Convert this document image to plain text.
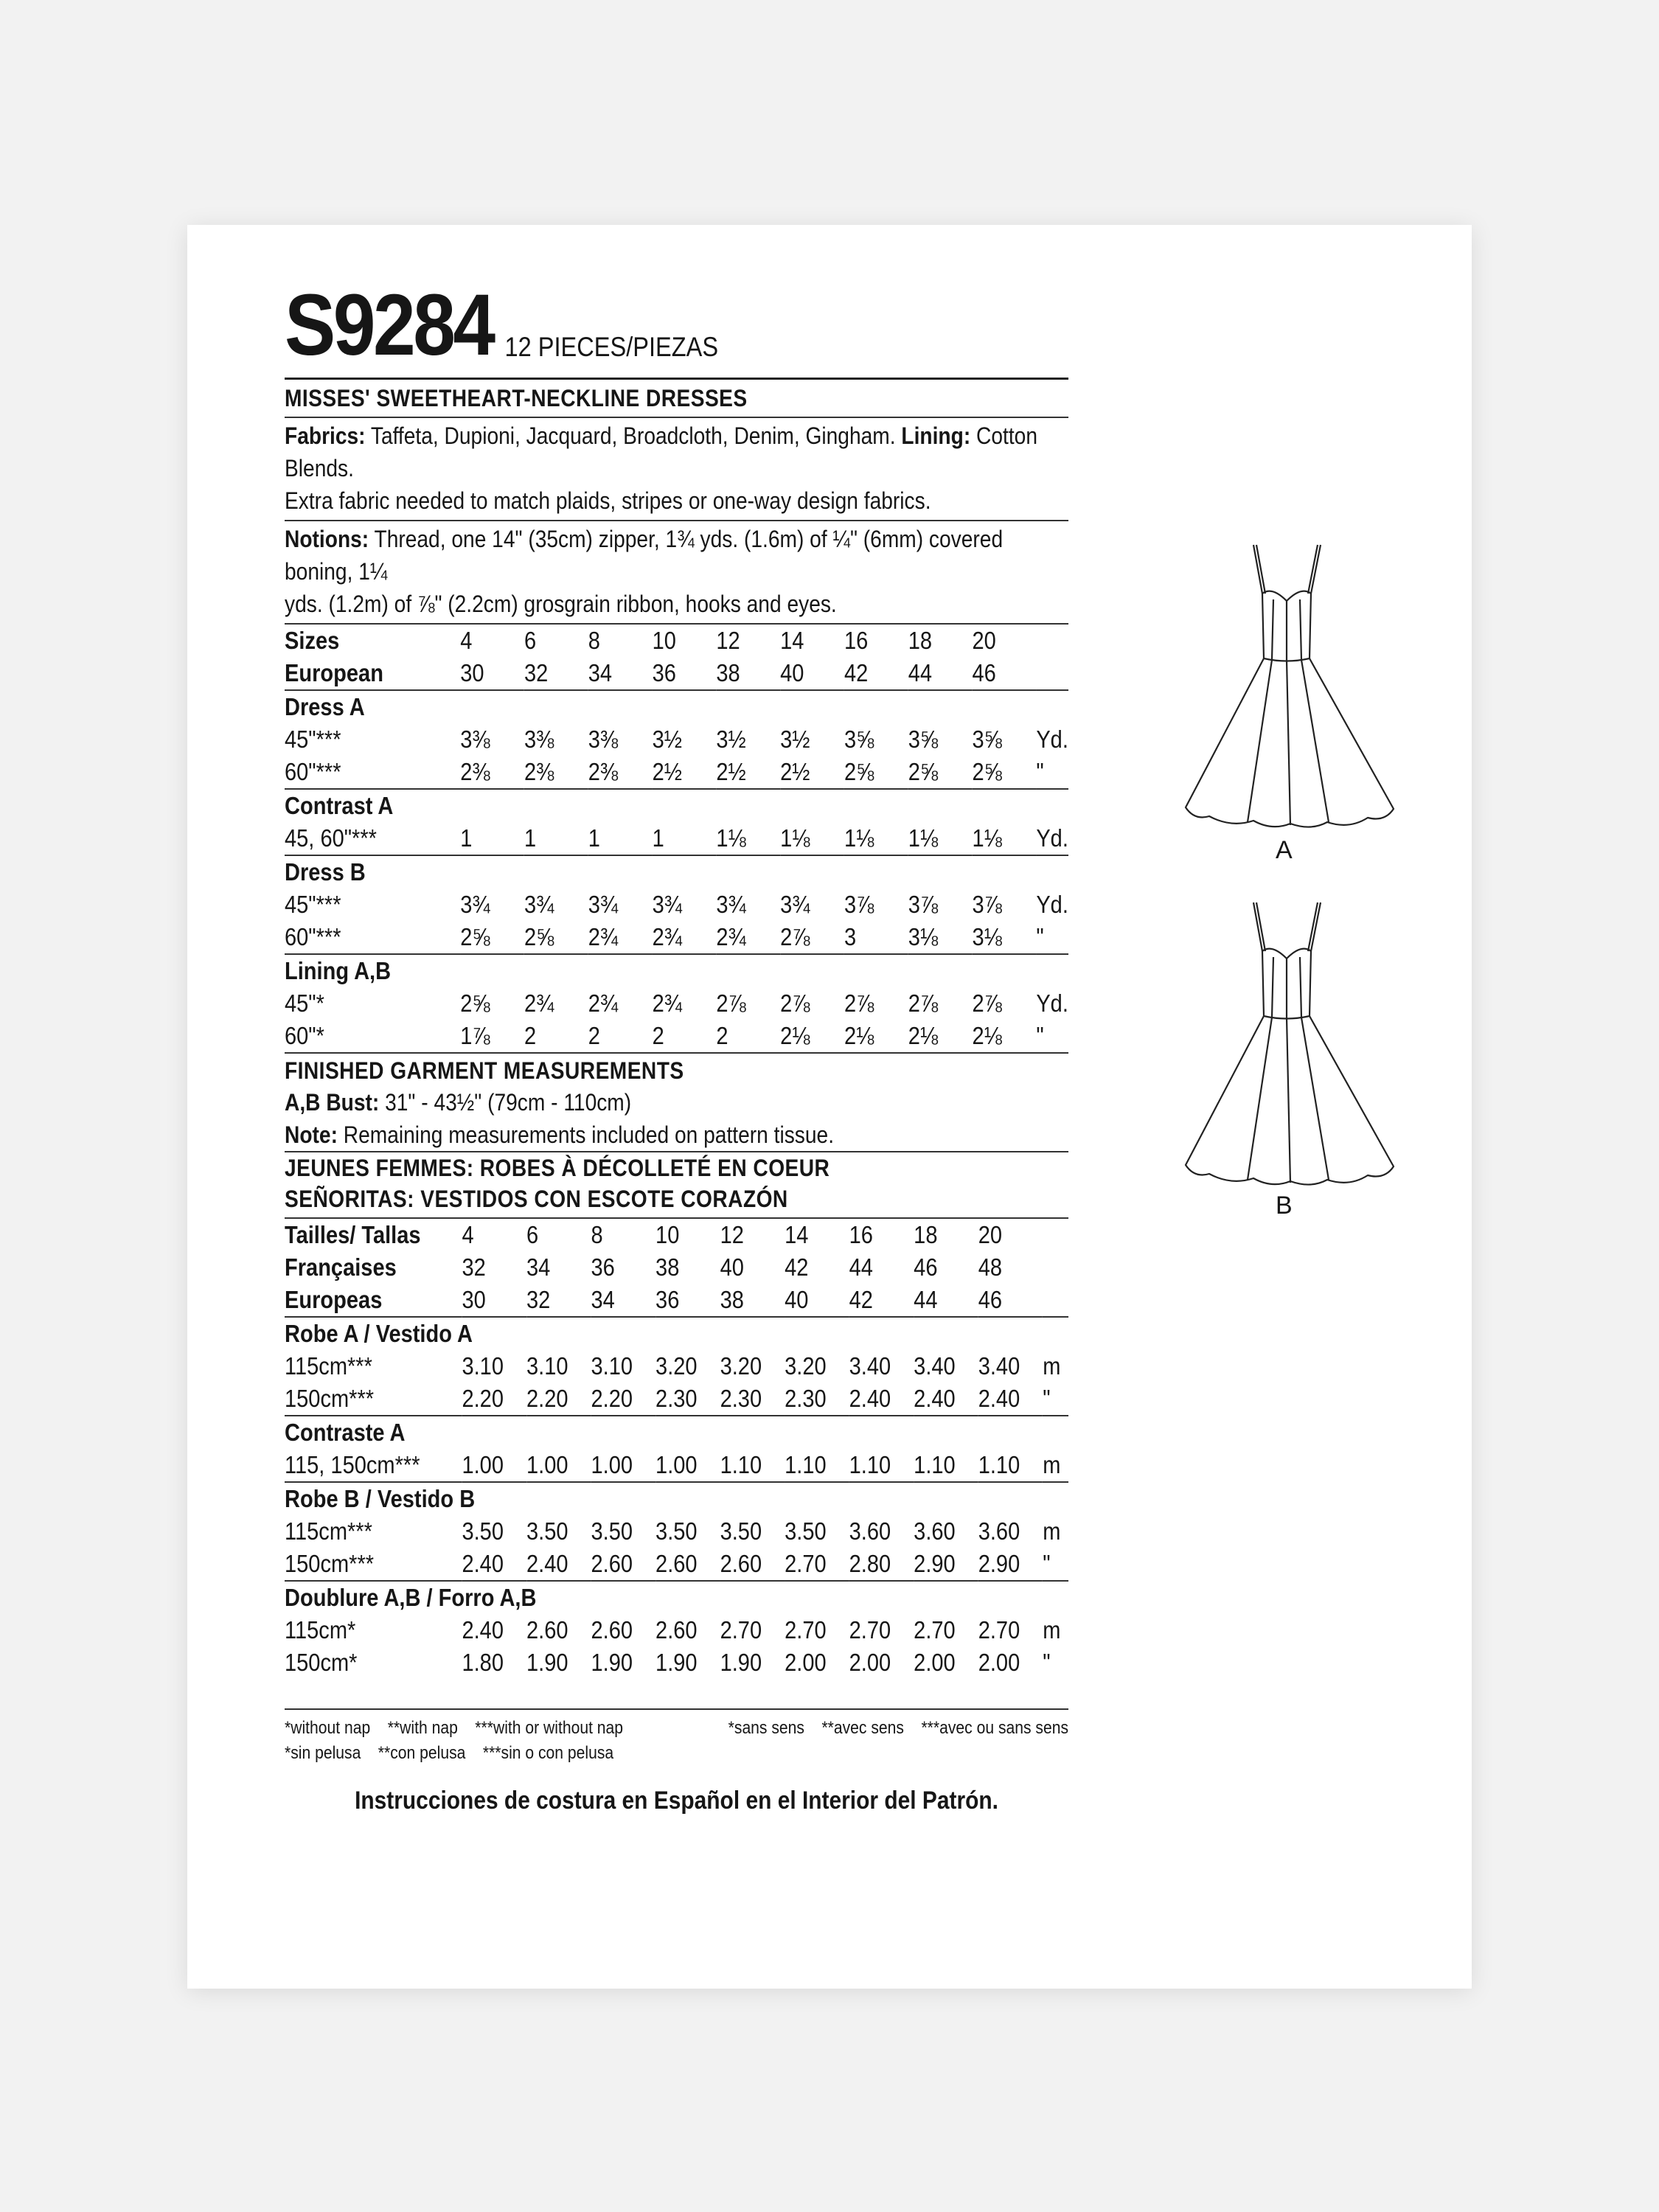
S9284 12 PIECES/PIEZAS
MISSES' SWEETHEART-NECKLINE DRESSES
Fabrics: Taffeta, Dupioni, Jacquard, Broadcloth, Denim, Gingham. Lining: Cotton Blends.
Extra fabric needed to match plaids, stripes or one-way design fabrics.
Notions: Thread, one 14" (35cm) zipper, 1¾ yds. (1.6m) of ¼" (6mm) covered boning, 1¼
yds. (1.2m) of ⅞" (2.2cm) grosgrain ribbon, hooks and eyes.
Sizes	4	6	8	10	12	14	16	18	20	
European	30	32	34	36	38	40	42	44	46	

Dress A										
45"***	3⅜	3⅜	3⅜	3½	3½	3½	3⅝	3⅝	3⅝	Yd.
60"***	2⅜	2⅜	2⅜	2½	2½	2½	2⅝	2⅝	2⅝	"

Contrast A										
45, 60"***	1	1	1	1	1⅛	1⅛	1⅛	1⅛	1⅛	Yd.

Dress B										
45"***	3¾	3¾	3¾	3¾	3¾	3¾	3⅞	3⅞	3⅞	Yd.
60"***	2⅝	2⅝	2¾	2¾	2¾	2⅞	3	3⅛	3⅛	"

Lining A,B										
45"*	2⅝	2¾	2¾	2¾	2⅞	2⅞	2⅞	2⅞	2⅞	Yd.
60"*	1⅞	2	2	2	2	2⅛	2⅛	2⅛	2⅛	"
FINISHED GARMENT MEASUREMENTS
A,B Bust: 31" - 43½" (79cm - 110cm)
Note: Remaining measurements included on pattern tissue.
JEUNES FEMMES: ROBES À DÉCOLLETÉ EN COEUR
SEÑORITAS: VESTIDOS CON ESCOTE CORAZÓN
Tailles/ Tallas	4	6	8	10	12	14	16	18	20	
Françaises	32	34	36	38	40	42	44	46	48	
Europeas	30	32	34	36	38	40	42	44	46	

Robe A / Vestido A										
115cm***	3.10	3.10	3.10	3.20	3.20	3.20	3.40	3.40	3.40	m
150cm***	2.20	2.20	2.20	2.30	2.30	2.30	2.40	2.40	2.40	"

Contraste A										
115, 150cm***	1.00	1.00	1.00	1.00	1.10	1.10	1.10	1.10	1.10	m

Robe B / Vestido B										
115cm***	3.50	3.50	3.50	3.50	3.50	3.50	3.60	3.60	3.60	m
150cm***	2.40	2.40	2.60	2.60	2.60	2.70	2.80	2.90	2.90	"

Doublure A,B / Forro A,B										
115cm*	2.40	2.60	2.60	2.60	2.70	2.70	2.70	2.70	2.70	m
150cm*	1.80	1.90	1.90	1.90	1.90	2.00	2.00	2.00	2.00	"
*without nap    **with nap    ***with or without nap
*sin pelusa    **con pelusa    ***sin o con pelusa
*sans sens    **avec sens    ***avec ou sans sens
Instrucciones de costura en Español en el Interior del Patrón.
A
B
